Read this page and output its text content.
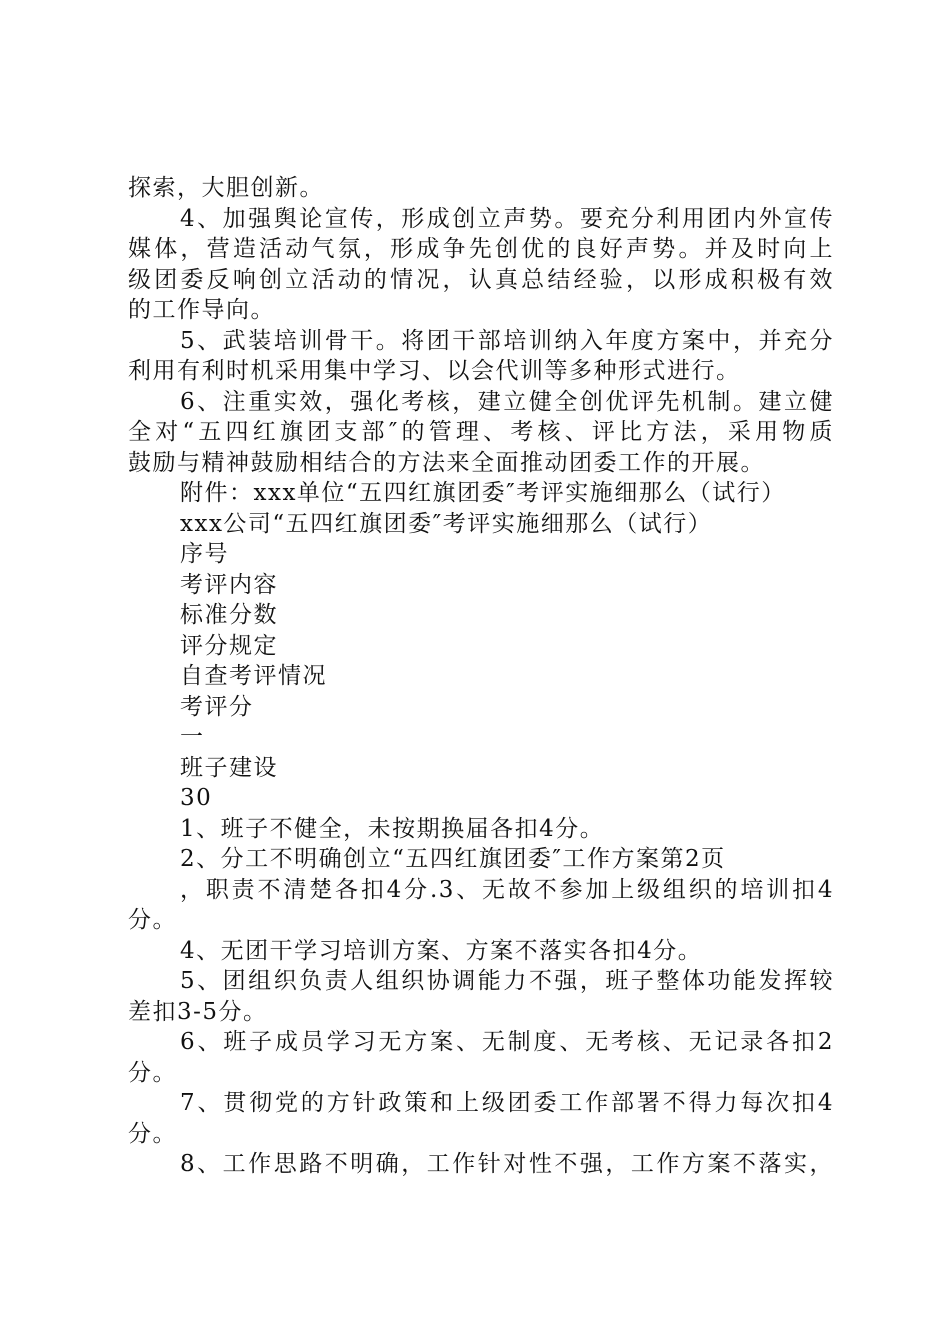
探索，大胆创新。
4、加强舆论宣传，形成创立声势。要充分利用团内外宣传
媒体，营造活动气氛，形成争先创优的良好声势。并及时向上
级团委反响创立活动的情况，认真总结经验，以形成积极有效
的工作导向。
5、武装培训骨干。将团干部培训纳入年度方案中，并充分
利用有利时机采用集中学习、以会代训等多种形式进行。
6、注重实效，强化考核，建立健全创优评先机制。建立健
全对“五四红旗团支部″的管理、考核、评比方法，采用物质
鼓励与精神鼓励相结合的方法来全面推动团委工作的开展。
附件：xxx单位“五四红旗团委″考评实施细那么（试行）
xxx公司“五四红旗团委″考评实施细那么（试行）
序号
考评内容
标准分数
评分规定
自查考评情况
考评分
一
班子建设
30
1、班子不健全，未按期换届各扣4分。
2、分工不明确创立“五四红旗团委″工作方案第2页
，职责不清楚各扣4分.3、无故不参加上级组织的培训扣4
分。
4、无团干学习培训方案、方案不落实各扣4分。
5、团组织负责人组织协调能力不强，班子整体功能发挥较
差扣3-5分。
6、班子成员学习无方案、无制度、无考核、无记录各扣2
分。
7、贯彻党的方针政策和上级团委工作部署不得力每次扣4
分。
8、工作思路不明确，工作针对性不强，工作方案不落实，
